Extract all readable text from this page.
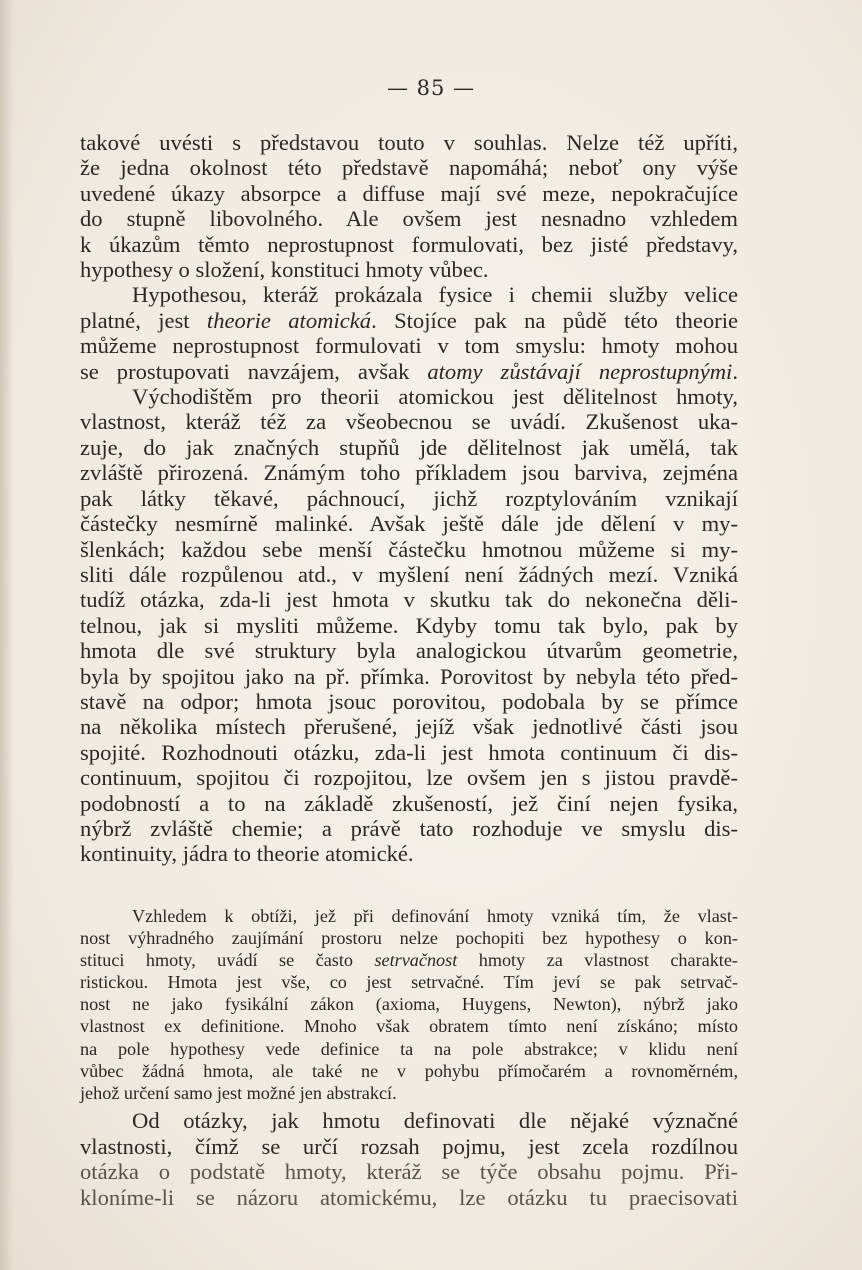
— 85 —
takové uvésti s představou touto v souhlas. Nelze též upříti,
že jedna okolnost této představě napomáhá; neboť ony výše
uvedené úkazy absorpce a diffuse mají své meze, nepokračujíce
do stupně libovolného. Ale ovšem jest nesnadno vzhledem
k úkazům těmto neprostupnost formulovati, bez jisté představy,
hypothesy o složení, konstituci hmoty vůbec.
Hypothesou, kteráž prokázala fysice i chemii služby velice
platné, jest theorie atomická. Stojíce pak na půdě této theorie
můžeme neprostupnost formulovati v tom smyslu: hmoty mohou
se prostupovati navzájem, avšak atomy zůstávají neprostupnými.
Východištěm pro theorii atomickou jest dělitelnost hmoty,
vlastnost, kteráž též za všeobecnou se uvádí. Zkušenost uka-
zuje, do jak značných stupňů jde dělitelnost jak umělá, tak
zvláště přirozená. Známým toho příkladem jsou barviva, zejména
pak látky těkavé, páchnoucí, jichž rozptylováním vznikají
částečky nesmírně malinké. Avšak ještě dále jde dělení v my-
šlenkách; každou sebe menší částečku hmotnou můžeme si my-
sliti dále rozpůlenou atd., v myšlení není žádných mezí. Vzniká
tudíž otázka, zda-li jest hmota v skutku tak do nekonečna děli-
telnou, jak si mysliti můžeme. Kdyby tomu tak bylo, pak by
hmota dle své struktury byla analogickou útvarům geometrie,
byla by spojitou jako na př. přímka. Porovitost by nebyla této před-
stavě na odpor; hmota jsouc porovitou, podobala by se přímce
na několika místech přerušené, jejíž však jednotlivé části jsou
spojité. Rozhodnouti otázku, zda-li jest hmota continuum či dis-
continuum, spojitou či rozpojitou, lze ovšem jen s jistou pravdě-
podobností a to na základě zkušeností, jež činí nejen fysika,
nýbrž zvláště chemie; a právě tato rozhoduje ve smyslu dis-
kontinuity, jádra to theorie atomické.
Vzhledem k obtíži, jež při definování hmoty vzniká tím, že vlast-
nost výhradného zaujímání prostoru nelze pochopiti bez hypothesy o kon-
stituci hmoty, uvádí se často setrvačnost hmoty za vlastnost charakte-
ristickou. Hmota jest vše, co jest setrvačné. Tím jeví se pak setrvač-
nost ne jako fysikální zákon (axioma, Huygens, Newton), nýbrž jako
vlastnost ex definitione. Mnoho však obratem tímto není získáno; místo
na pole hypothesy vede definice ta na pole abstrakce; v klidu není
vůbec žádná hmota, ale také ne v pohybu přímočarém a rovnoměrném,
jehož určení samo jest možné jen abstrakcí.
Od otázky, jak hmotu definovati dle nějaké význačné
vlastnosti, čímž se určí rozsah pojmu, jest zcela rozdílnou
otázka o podstatě hmoty, kteráž se týče obsahu pojmu. Při-
kloníme-li se názoru atomickému, lze otázku tu praecisovati
